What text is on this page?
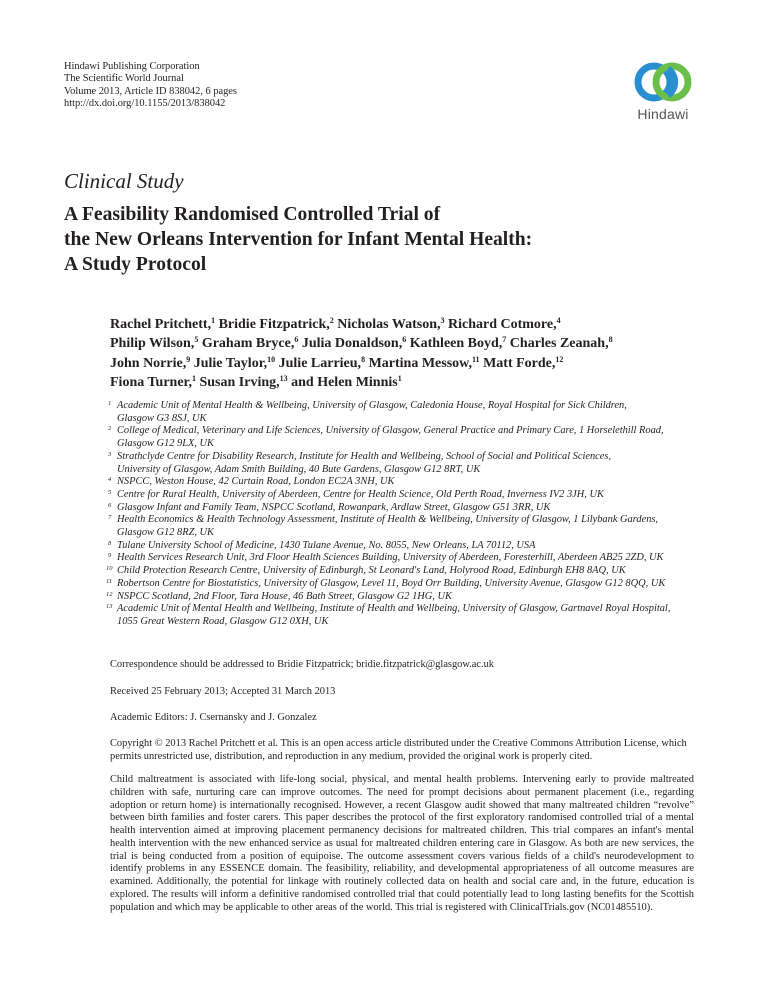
Hindawi Publishing Corporation
The Scientific World Journal
Volume 2013, Article ID 838042, 6 pages
http://dx.doi.org/10.1155/2013/838042
Hindawi
Clinical Study
A Feasibility Randomised Controlled Trial of
the New Orleans Intervention for Infant Mental Health:
A Study Protocol
Rachel Pritchett,$^1$ Bridie Fitzpatrick,$^2$ Nicholas Watson,$^3$ Richard Cotmore,$^4$
Philip Wilson,$^5$ Graham Bryce,$^6$ Julia Donaldson,$^6$ Kathleen Boyd,$^7$ Charles Zeanah,$^8$
John Norrie,$^9$ Julie Taylor,$^{10}$ Julie Larrieu,$^8$ Martina Messow,$^{11}$ Matt Forde,$^{12}$
Fiona Turner,$^1$ Susan Irving,$^{13}$ and Helen Minnis$^1$
1 Academic Unit of Mental Health & Wellbeing, University of Glasgow, Caledonia House, Royal Hospital for Sick Children,
Glasgow G3 8SJ, UK
2 College of Medical, Veterinary and Life Sciences, University of Glasgow, General Practice and Primary Care, 1 Horselethill Road,
Glasgow G12 9LX, UK
3 Strathclyde Centre for Disability Research, Institute for Health and Wellbeing, School of Social and Political Sciences,
University of Glasgow, Adam Smith Building, 40 Bute Gardens, Glasgow G12 8RT, UK
4 NSPCC, Weston House, 42 Curtain Road, London EC2A 3NH, UK
5 Centre for Rural Health, University of Aberdeen, Centre for Health Science, Old Perth Road, Inverness IV2 3JH, UK
6 Glasgow Infant and Family Team, NSPCC Scotland, Rowanpark, Ardlaw Street, Glasgow G51 3RR, UK
7 Health Economics & Health Technology Assessment, Institute of Health & Wellbeing, University of Glasgow, 1 Lilybank Gardens,
Glasgow G12 8RZ, UK
8 Tulane University School of Medicine, 1430 Tulane Avenue, No. 8055, New Orleans, LA 70112, USA
9 Health Services Research Unit, 3rd Floor Health Sciences Building, University of Aberdeen, Foresterhill, Aberdeen AB25 2ZD, UK
10 Child Protection Research Centre, University of Edinburgh, St Leonard's Land, Holyrood Road, Edinburgh EH8 8AQ, UK
11 Robertson Centre for Biostatistics, University of Glasgow, Level 11, Boyd Orr Building, University Avenue, Glasgow G12 8QQ, UK
12 NSPCC Scotland, 2nd Floor, Tara House, 46 Bath Street, Glasgow G2 1HG, UK
13 Academic Unit of Mental Health and Wellbeing, Institute of Health and Wellbeing, University of Glasgow, Gartnavel Royal Hospital,
1055 Great Western Road, Glasgow G12 0XH, UK
Correspondence should be addressed to Bridie Fitzpatrick; bridie.fitzpatrick@glasgow.ac.uk
Received 25 February 2013; Accepted 31 March 2013
Academic Editors: J. Csernansky and J. Gonzalez
Copyright © 2013 Rachel Pritchett et al. This is an open access article distributed under the Creative Commons Attribution License, which permits unrestricted use, distribution, and reproduction in any medium, provided the original work is properly cited.
Child maltreatment is associated with life-long social, physical, and mental health problems. Intervening early to provide maltreated children with safe, nurturing care can improve outcomes. The need for prompt decisions about permanent placement (i.e., regarding adoption or return home) is internationally recognised. However, a recent Glasgow audit showed that many maltreated children “revolve” between birth families and foster carers. This paper describes the protocol of the first exploratory randomised controlled trial of a mental health intervention aimed at improving placement permanency decisions for maltreated children. This trial compares an infant's mental health intervention with the new enhanced service as usual for maltreated children entering care in Glasgow. As both are new services, the trial is being conducted from a position of equipoise. The outcome assessment covers various fields of a child's neurodevelopment to identify problems in any ESSENCE domain. The feasibility, reliability, and developmental appropriateness of all outcome measures are examined. Additionally, the potential for linkage with routinely collected data on health and social care and, in the future, education is explored. The results will inform a definitive randomised controlled trial that could potentially lead to long lasting benefits for the Scottish population and which may be applicable to other areas of the world. This trial is registered with ClinicalTrials.gov (NC01485510).
